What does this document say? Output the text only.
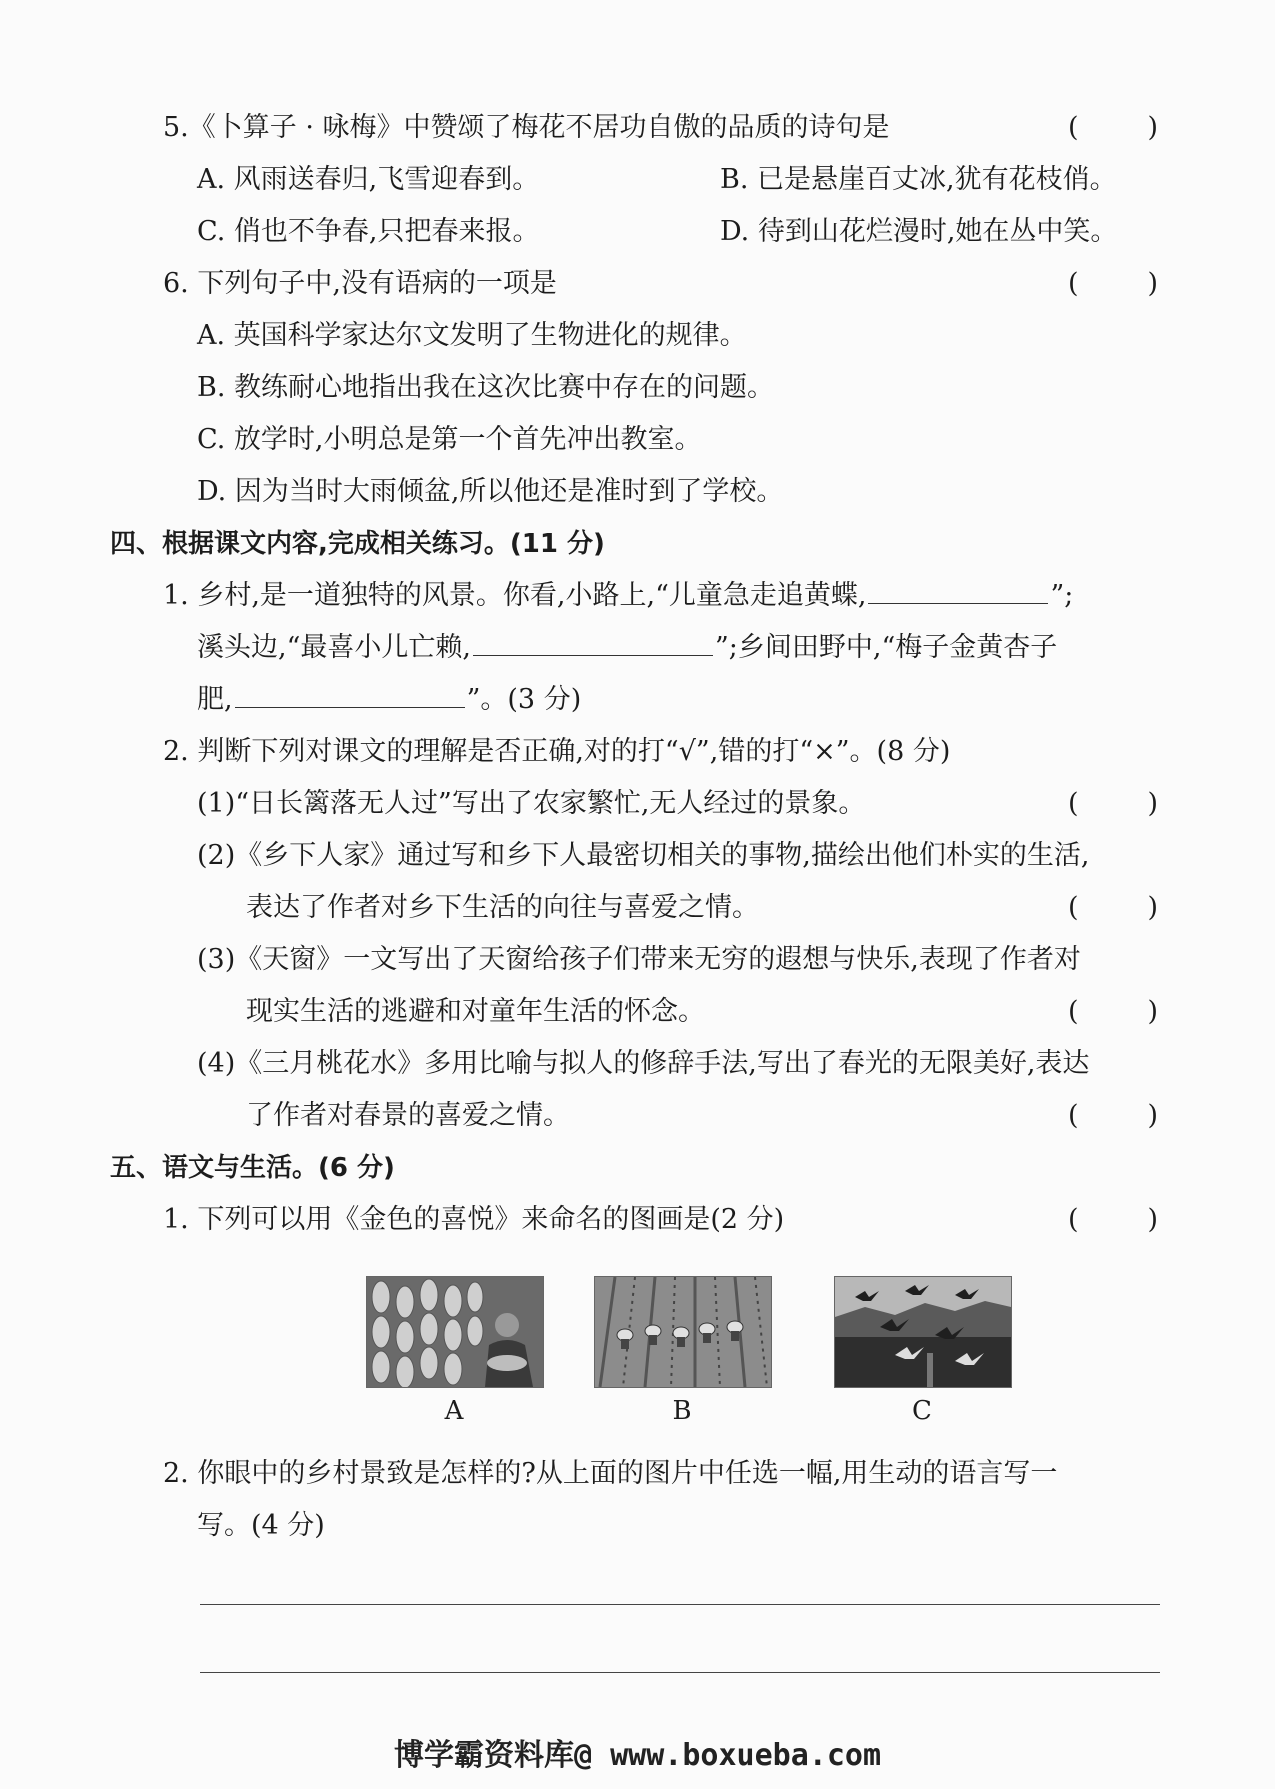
5.《卜算子 · 咏梅》中赞颂了梅花不居功自傲的品质的诗句是	(	)
A. 风雨送春归,飞雪迎春到。	B. 已是悬崖百丈冰,犹有花枝俏。
C. 俏也不争春,只把春来报。	D. 待到山花烂漫时,她在丛中笑。
6. 下列句子中,没有语病的一项是	(	)
A. 英国科学家达尔文发明了生物进化的规律。
B. 教练耐心地指出我在这次比赛中存在的问题。
C. 放学时,小明总是第一个首先冲出教室。
D. 因为当时大雨倾盆,所以他还是准时到了学校。
四、根据课文内容,完成相关练习。(11 分)
1. 乡村,是一道独特的风景。你看,小路上,“儿童急走追黄蝶,	”;
溪头边,“最喜小儿亡赖,	”;乡间田野中,“梅子金黄杏子
肥,	”。(3 分)
2. 判断下列对课文的理解是否正确,对的打“√”,错的打“×”。(8 分)
(1)“日长篱落无人过”写出了农家繁忙,无人经过的景象。	(	)
(2)《乡下人家》通过写和乡下人最密切相关的事物,描绘出他们朴实的生活,
表达了作者对乡下生活的向往与喜爱之情。	(	)
(3)《天窗》一文写出了天窗给孩子们带来无穷的遐想与快乐,表现了作者对
现实生活的逃避和对童年生活的怀念。	(	)
(4)《三月桃花水》多用比喻与拟人的修辞手法,写出了春光的无限美好,表达
了作者对春景的喜爱之情。	(	)
五、语文与生活。(6 分)
1. 下列可以用《金色的喜悦》来命名的图画是(2 分)	(	)
A	B	C
2. 你眼中的乡村景致是怎样的?从上面的图片中任选一幅,用生动的语言写一
写。(4 分)
博学霸资料库@ www.boxueba.com
